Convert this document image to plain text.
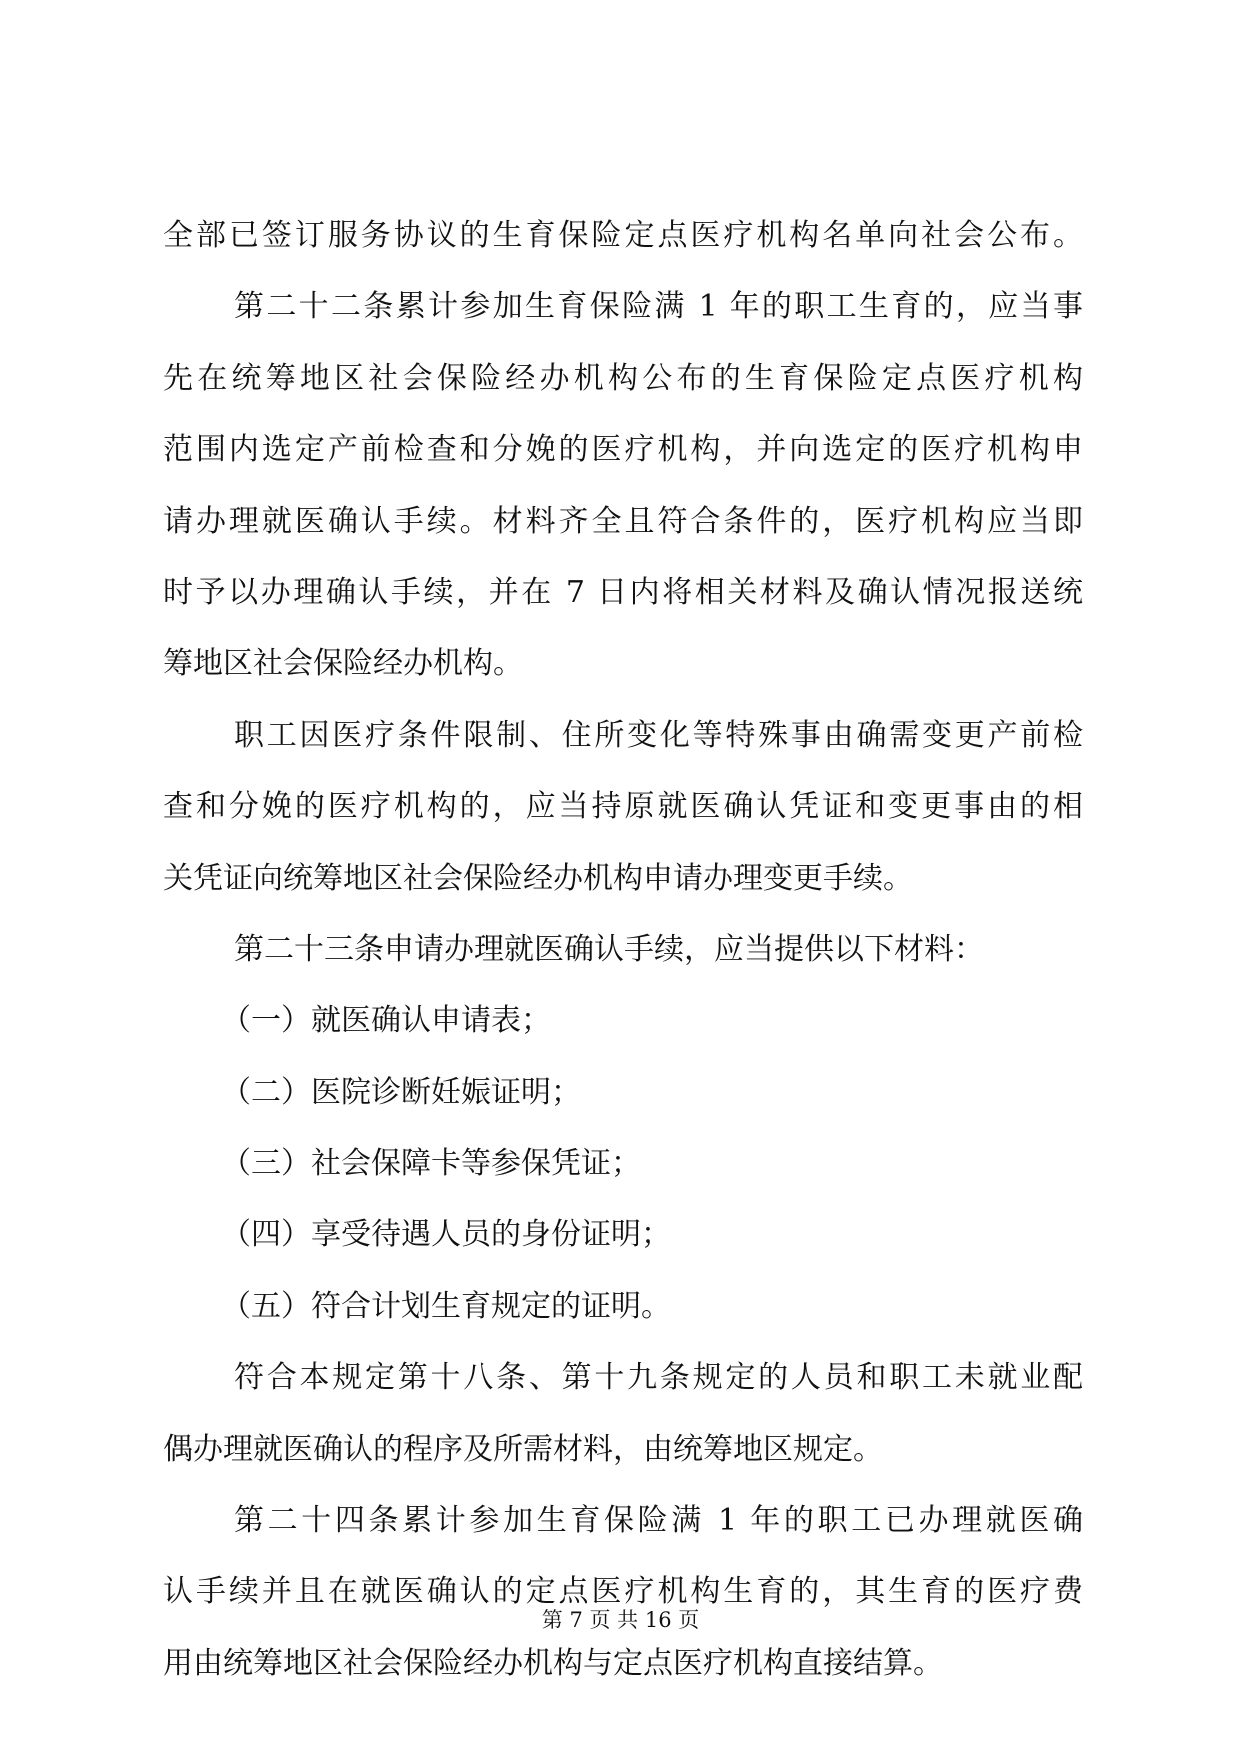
全部已签订服务协议的生育保险定点医疗机构名单向社会公布。
第二十二条累计参加生育保险满 1 年的职工生育的，应当事
先在统筹地区社会保险经办机构公布的生育保险定点医疗机构
范围内选定产前检查和分娩的医疗机构，并向选定的医疗机构申
请办理就医确认手续。材料齐全且符合条件的，医疗机构应当即
时予以办理确认手续，并在 7 日内将相关材料及确认情况报送统
筹地区社会保险经办机构。
职工因医疗条件限制、住所变化等特殊事由确需变更产前检
查和分娩的医疗机构的，应当持原就医确认凭证和变更事由的相
关凭证向统筹地区社会保险经办机构申请办理变更手续。
第二十三条申请办理就医确认手续，应当提供以下材料：
（一）就医确认申请表；
（二）医院诊断妊娠证明；
（三）社会保障卡等参保凭证；
（四）享受待遇人员的身份证明；
（五）符合计划生育规定的证明。
符合本规定第十八条、第十九条规定的人员和职工未就业配
偶办理就医确认的程序及所需材料，由统筹地区规定。
第二十四条累计参加生育保险满 1 年的职工已办理就医确
认手续并且在就医确认的定点医疗机构生育的，其生育的医疗费
用由统筹地区社会保险经办机构与定点医疗机构直接结算。
第 7 页 共 16 页
